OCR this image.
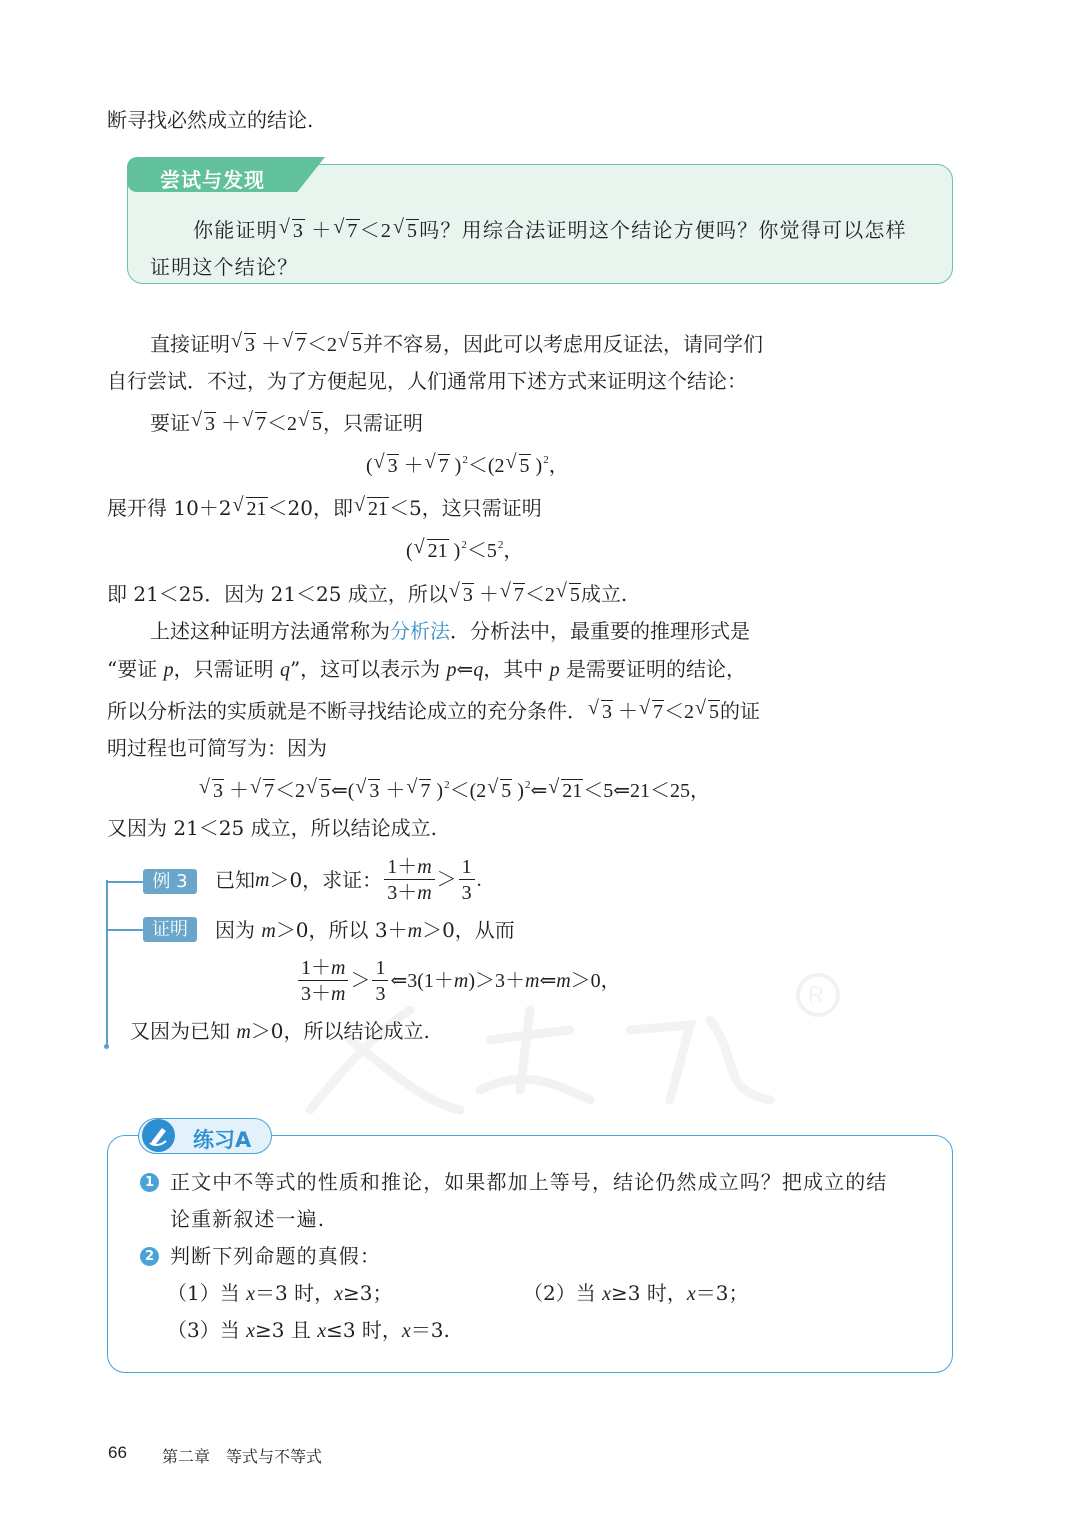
断寻找必然成立的结论.
尝试与发现
你能证明 √ 3 ＋ √ 7＜2 √ 5吗？用综合法证明这个结论方便吗？你觉得可以怎样
证明这个结论？
直接证明 √ 3 ＋ √ 7＜2 √ 5并不容易，因此可以考虑用反证法，请同学们
自行尝试．不过，为了方便起见，人们通常用下述方式来证明这个结论：
要证 √ 3 ＋ √ 7＜2 √ 5，只需证明
( √ 3 ＋ √ 7 )$^2$＜(2 √ 5 )$^2$，
展开得 10＋2 √ 21＜20，即 √ 21＜5，这只需证明
( √ 21 )$^2<5^2$，
即 21＜25．因为 21＜25 成立，所以 √ 3 ＋ √ 7＜2 √ 5成立.
上述这种证明方法通常称为分析法．分析法中，最重要的推理形式是
“要证 p，只需证明 q”，这可以表示为 p⇐q，其中 p 是需要证明的结论，
所以分析法的实质就是不断寻找结论成立的充分条件． √ 3 ＋ √ 7＜2 √ 5的证
明过程也可简写为：因为
√ 3 ＋ √ 7＜2 √ 5⇐( √ 3 ＋ √ 7 )$^2$＜(2 √ 5 )$^2$⇐ √ 21＜5⇐21＜25，
又因为 21＜25 成立，所以结论成立.
例 3	已知 m ＞0，求证： $\frac{1+m}{3+m} > \frac{1}{3}$ .
证明	因为 m＞0，所以 3＋m＞0，从而
$\frac{1+m}{3+m} > \frac{1}{3}$ ⇐3(1＋ m )＞3＋ m ⇐ m ＞0，
又因为已知 m＞0，所以结论成立.
R
练习A
1 正文中不等式的性质和推论，如果都加上等号，结论仍然成立吗？把成立的结
论重新叙述一遍.
2 判断下列命题的真假：
（1）当 x＝3 时，x≥3；	（2）当 x≥3 时，x＝3；
（3）当 x≥3 且 x≤3 时，x＝3.
66 第二章　等式与不等式
